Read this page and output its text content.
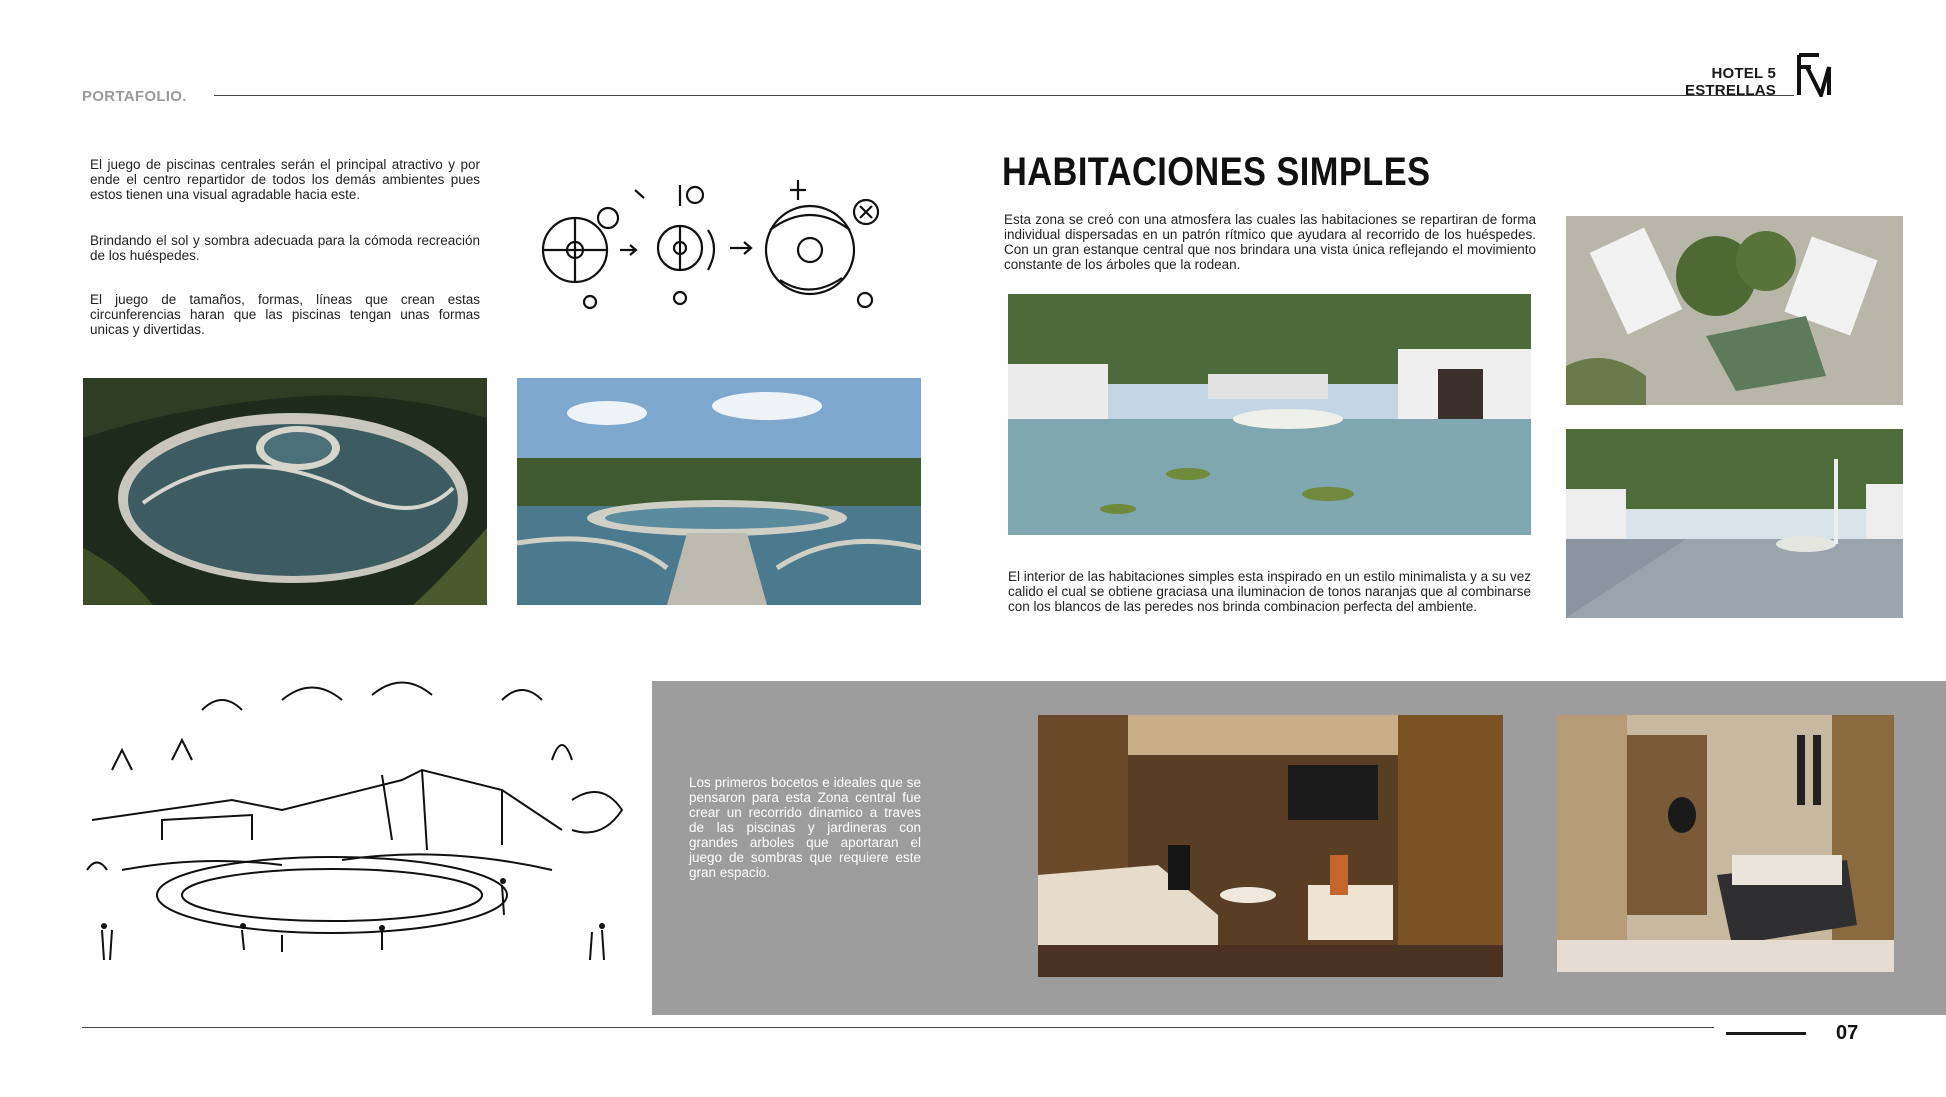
PORTAFOLIO.
HOTEL 5 ESTRELLAS
El juego de piscinas centrales serán el principal atractivo y por ende el centro repartidor de todos los demás ambientes pues estos tienen una visual agradable hacia este.
Brindando el sol y sombra adecuada para la cómoda recreación de los huéspedes.
El juego de tamaños, formas, líneas que crean estas circunferencias haran que las piscinas tengan unas formas unicas y divertidas.
HABITACIONES SIMPLES
Esta zona se creó con una atmosfera las cuales las habitaciones se repartiran de forma individual dispersadas en un patrón rítmico que ayudara al recorrido de los huéspedes. Con un gran estanque central que nos brindara una vista única reflejando el movimiento constante de los árboles que la rodean.
El interior de las habitaciones simples esta inspirado en un estilo minimalista y a su vez calido el cual se obtiene graciasa una iluminacion de tonos naranjas que al combinarse con los blancos de las peredes nos brinda combinacion perfecta del ambiente.
Los primeros bocetos e ideales que se pensaron para esta Zona central fue crear un recorrido dinamico a traves de las piscinas y jardineras con grandes arboles que aportaran el juego de sombras que requiere este gran espacio.
07
